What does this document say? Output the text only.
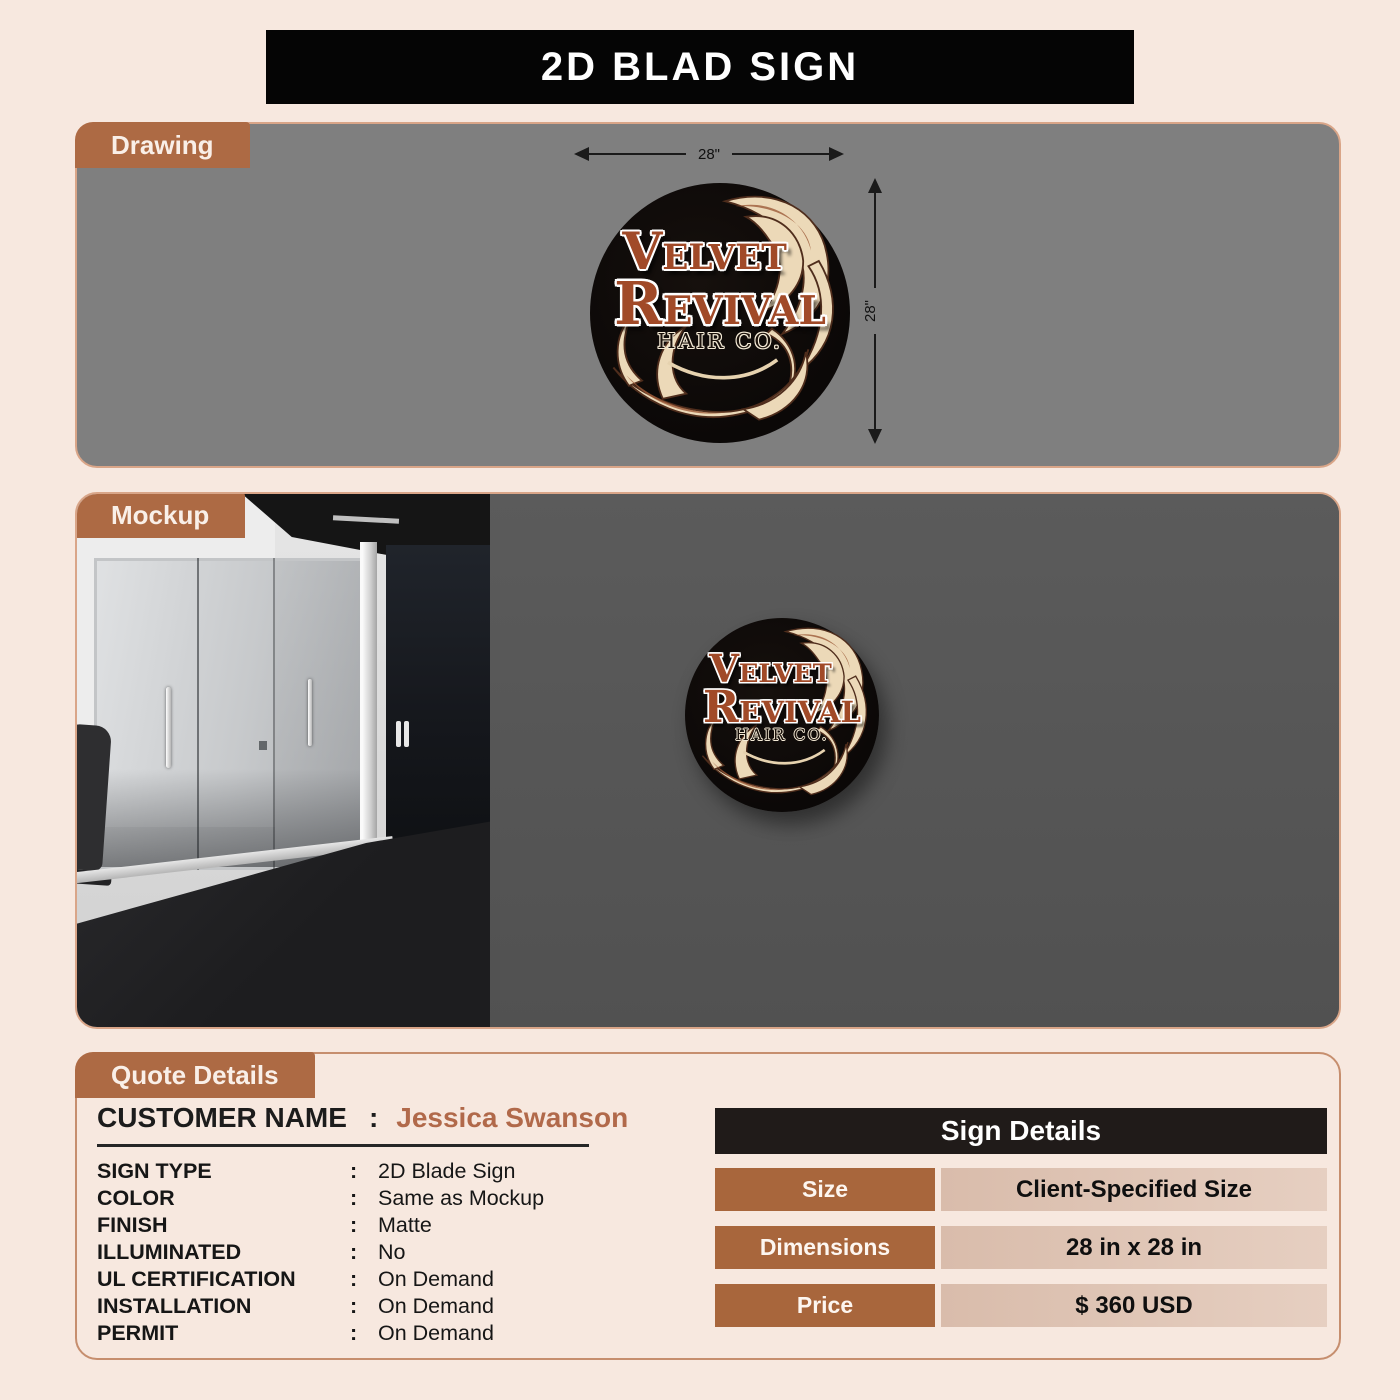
2D BLAD SIGN
Drawing	28"
28"
VELVET
REVIVAL
HAIR CO.
Mockup
VELVET
REVIVAL
HAIR CO.
Quote Details
CUSTOMER NAME : Jessica Swanson
SIGN TYPE	: 2D Blade Sign
COLOR	: Same as Mockup
FINISH	: Matte
ILLUMINATED	: No
UL CERTIFICATION	: On Demand
INSTALLATION	: On Demand
PERMIT	: On Demand
Sign Details
Size	Client-Specified Size
Dimensions	28 in x 28 in
Price	$ 360 USD
